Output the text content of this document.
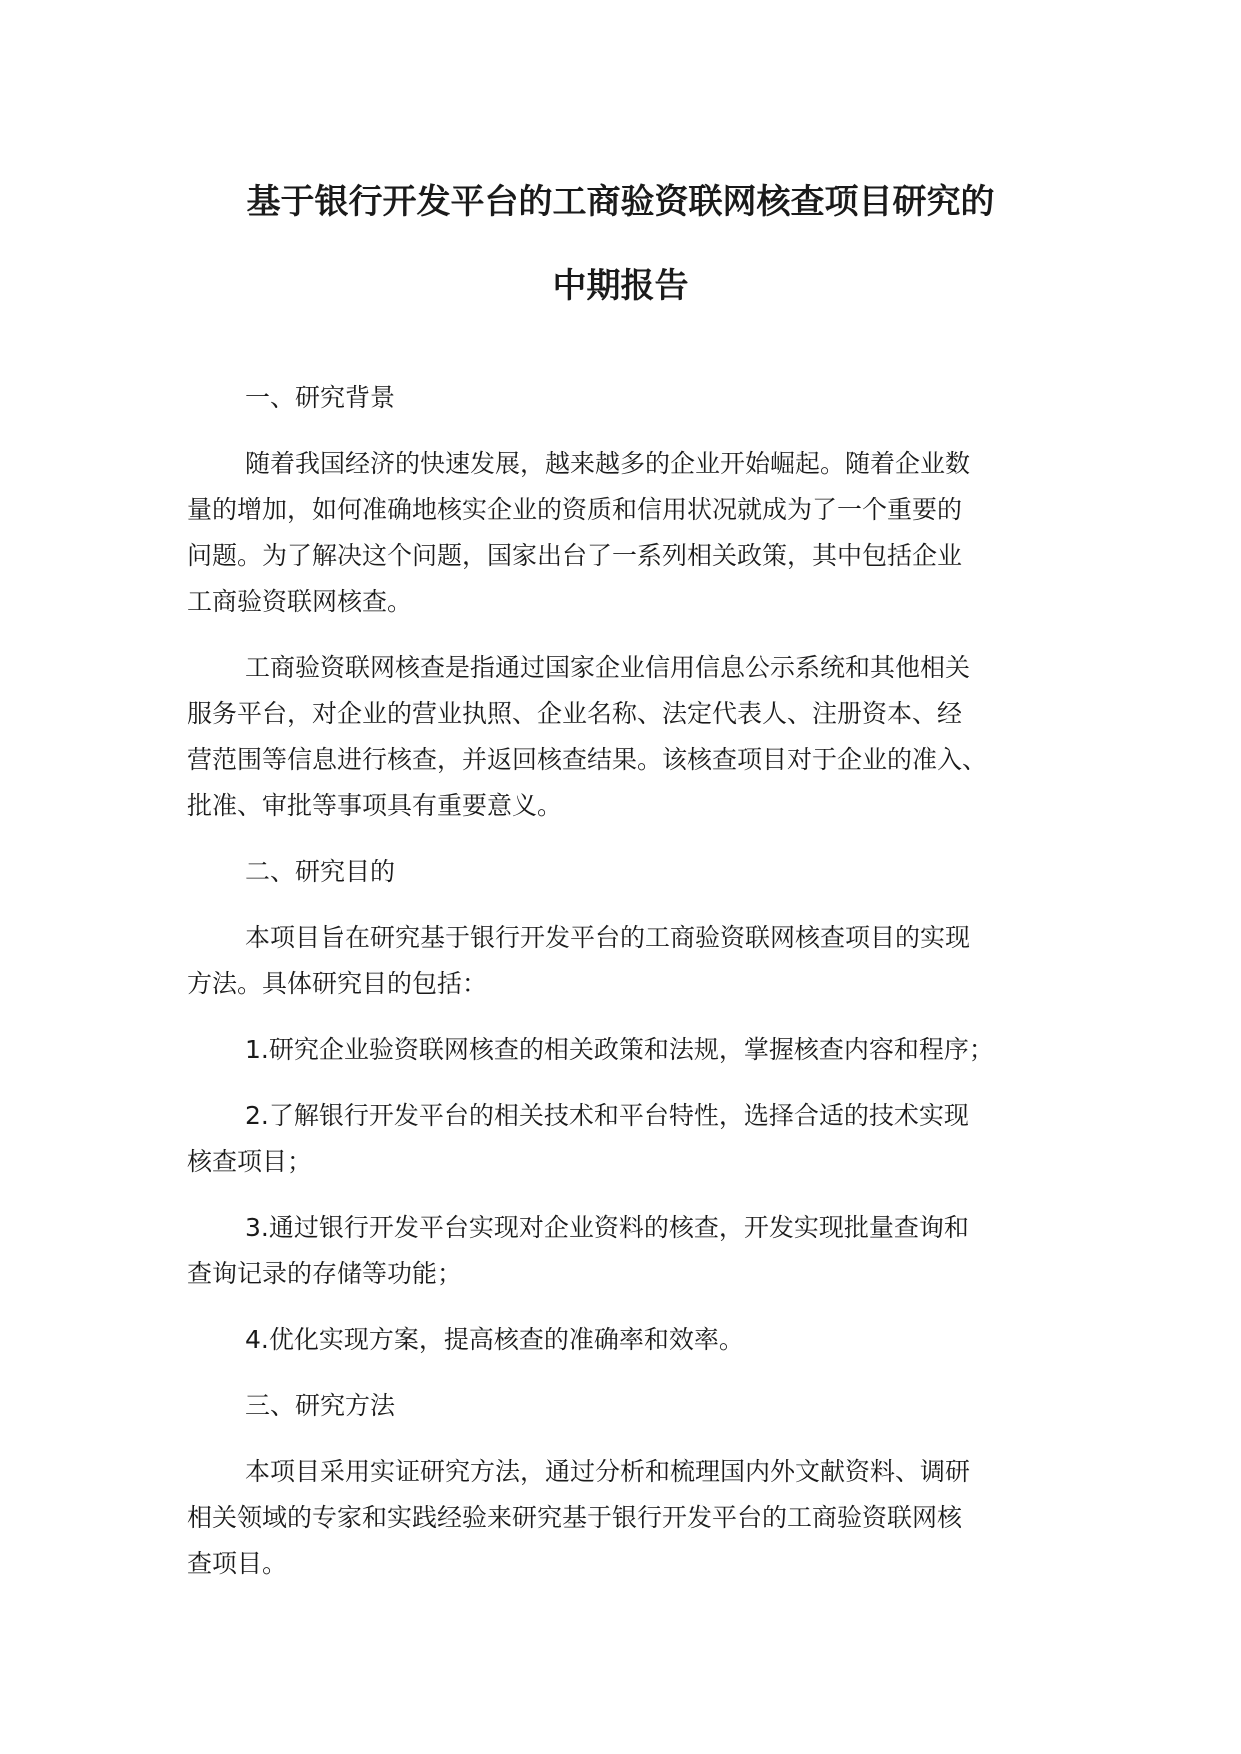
基于银行开发平台的工商验资联网核查项目研究的
中期报告

一、研究背景

随着我国经济的快速发展，越来越多的企业开始崛起。随着企业数
量的增加，如何准确地核实企业的资质和信用状况就成为了一个重要的
问题。为了解决这个问题，国家出台了一系列相关政策，其中包括企业
工商验资联网核查。
工商验资联网核查是指通过国家企业信用信息公示系统和其他相关
服务平台，对企业的营业执照、企业名称、法定代表人、注册资本、经
营范围等信息进行核查，并返回核查结果。该核查项目对于企业的准入、
批准、审批等事项具有重要意义。

二、研究目的

本项目旨在研究基于银行开发平台的工商验资联网核查项目的实现
方法。具体研究目的包括：
1.研究企业验资联网核查的相关政策和法规，掌握核查内容和程序；
2.了解银行开发平台的相关技术和平台特性，选择合适的技术实现
核查项目；
3.通过银行开发平台实现对企业资料的核查，开发实现批量查询和
查询记录的存储等功能；
4.优化实现方案，提高核查的准确率和效率。

三、研究方法

本项目采用实证研究方法，通过分析和梳理国内外文献资料、调研
相关领域的专家和实践经验来研究基于银行开发平台的工商验资联网核
查项目。
